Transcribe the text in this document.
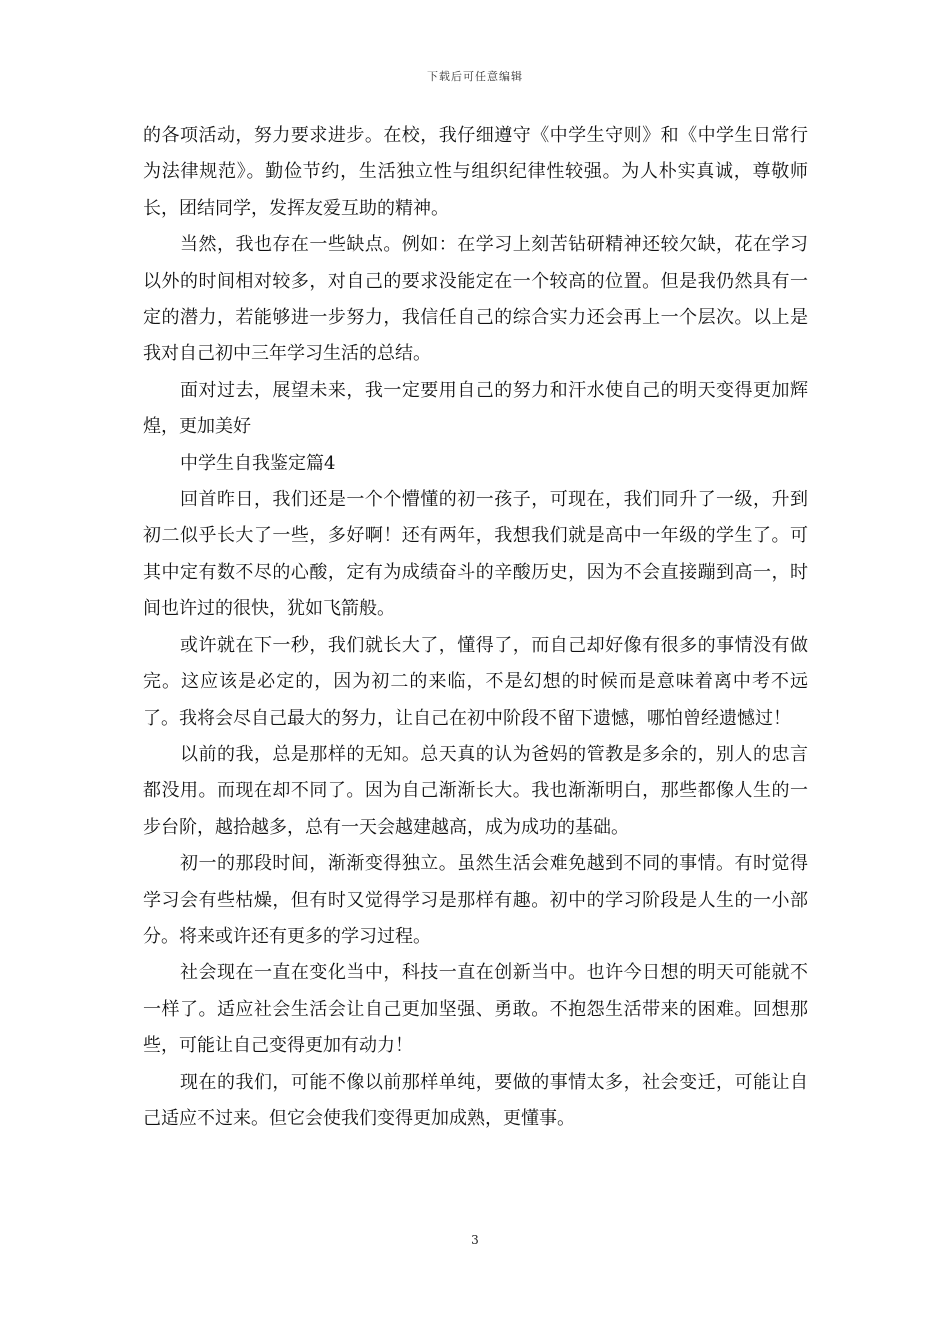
下载后可任意编辑

的各项活动，努力要求进步。在校，我仔细遵守《中学生守则》和《中学生日常行为法律规范》。勤俭节约，生活独立性与组织纪律性较强。为人朴实真诚，尊敬师长，团结同学，发挥友爱互助的精神。

当然，我也存在一些缺点。例如：在学习上刻苦钻研精神还较欠缺，花在学习以外的时间相对较多，对自己的要求没能定在一个较高的位置。但是我仍然具有一定的潜力，若能够进一步努力，我信任自己的综合实力还会再上一个层次。以上是我对自己初中三年学习生活的总结。

面对过去，展望未来，我一定要用自己的努力和汗水使自己的明天变得更加辉煌，更加美好

中学生自我鉴定篇4

回首昨日，我们还是一个个懵懂的初一孩子，可现在，我们同升了一级，升到初二似乎长大了一些，多好啊！还有两年，我想我们就是高中一年级的学生了。可其中定有数不尽的心酸，定有为成绩奋斗的辛酸历史，因为不会直接蹦到高一，时间也许过的很快，犹如飞箭般。

或许就在下一秒，我们就长大了，懂得了，而自己却好像有很多的事情没有做完。这应该是必定的，因为初二的来临，不是幻想的时候而是意味着离中考不远了。我将会尽自己最大的努力，让自己在初中阶段不留下遗憾，哪怕曾经遗憾过！

以前的我，总是那样的无知。总天真的认为爸妈的管教是多余的，别人的忠言都没用。而现在却不同了。因为自己渐渐长大。我也渐渐明白，那些都像人生的一步台阶，越拾越多，总有一天会越建越高，成为成功的基础。

初一的那段时间，渐渐变得独立。虽然生活会难免越到不同的事情。有时觉得学习会有些枯燥，但有时又觉得学习是那样有趣。初中的学习阶段是人生的一小部分。将来或许还有更多的学习过程。

社会现在一直在变化当中，科技一直在创新当中。也许今日想的明天可能就不一样了。适应社会生活会让自己更加坚强、勇敢。不抱怨生活带来的困难。回想那些，可能让自己变得更加有动力！

现在的我们，可能不像以前那样单纯，要做的事情太多，社会变迁，可能让自己适应不过来。但它会使我们变得更加成熟，更懂事。

3
